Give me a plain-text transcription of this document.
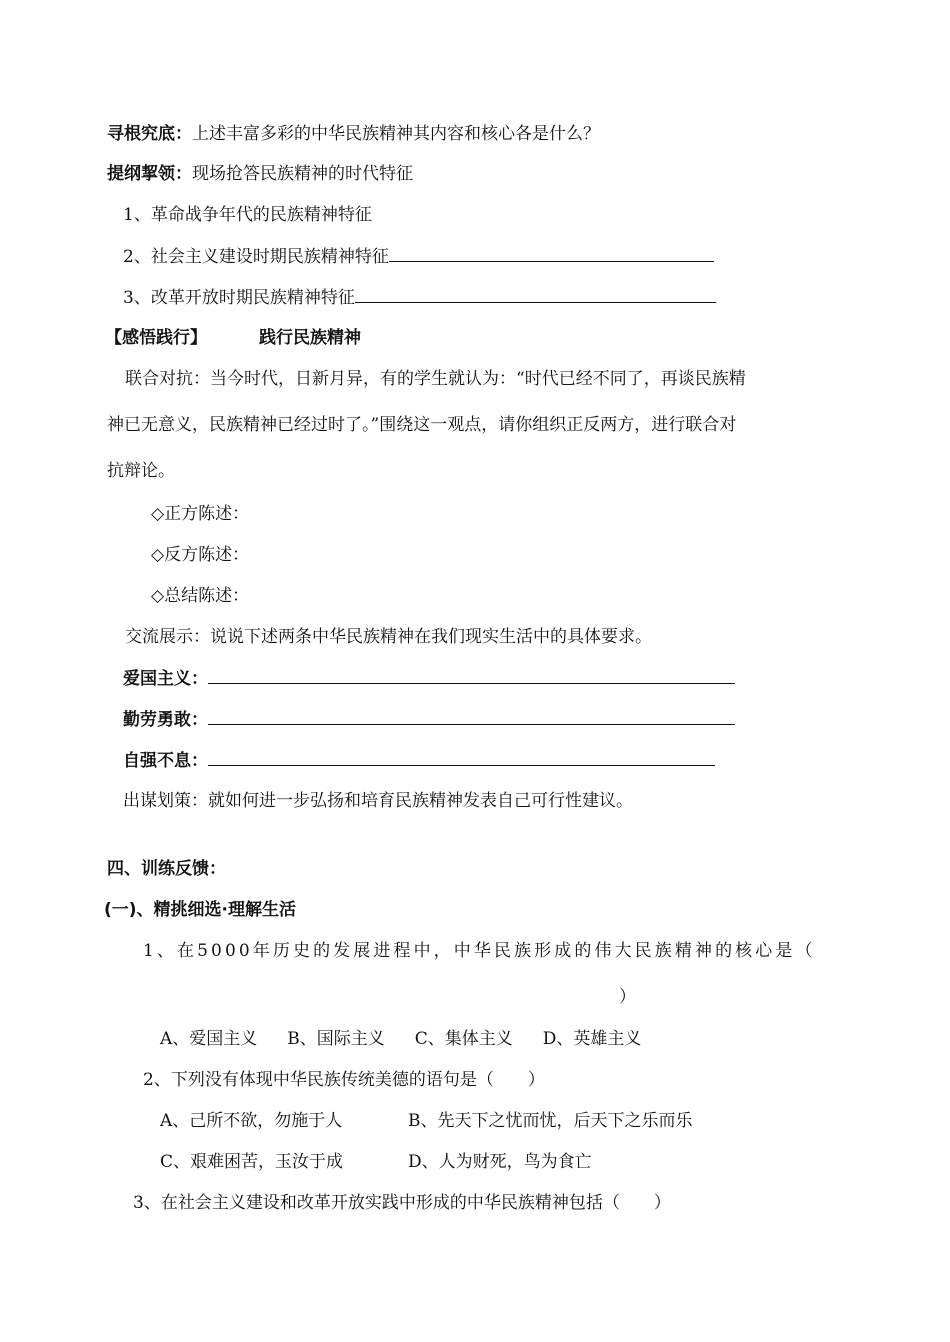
寻根究底：上述丰富多彩的中华民族精神其内容和核心各是什么？
提纲挈领：现场抢答民族精神的时代特征
1、革命战争年代的民族精神特征
2、社会主义建设时期民族精神特征
3、改革开放时期民族精神特征
【感悟践行】	践行民族精神
联合对抗：当今时代，日新月异，有的学生就认为：“时代已经不同了，再谈民族精
神已无意义，民族精神已经过时了。”围绕这一观点，请你组织正反两方，进行联合对
抗辩论。
◇正方陈述：
◇反方陈述：
◇总结陈述：
交流展示：说说下述两条中华民族精神在我们现实生活中的具体要求。
爱国主义：
勤劳勇敢：
自强不息：
出谋划策：就如何进一步弘扬和培育民族精神发表自己可行性建议。
四、训练反馈：
(一)、精挑细选·理解生活
1、在5000年历史的发展进程中，中华民族形成的伟大民族精神的核心是（
）
A、爱国主义 B、国际主义 C、集体主义 D、英雄主义
2、下列没有体现中华民族传统美德的语句是（　　）
A、己所不欲，勿施于人	B、先天下之忧而忧，后天下之乐而乐
C、艰难困苦，玉汝于成	D、人为财死，鸟为食亡
3、在社会主义建设和改革开放实践中形成的中华民族精神包括（　　）
